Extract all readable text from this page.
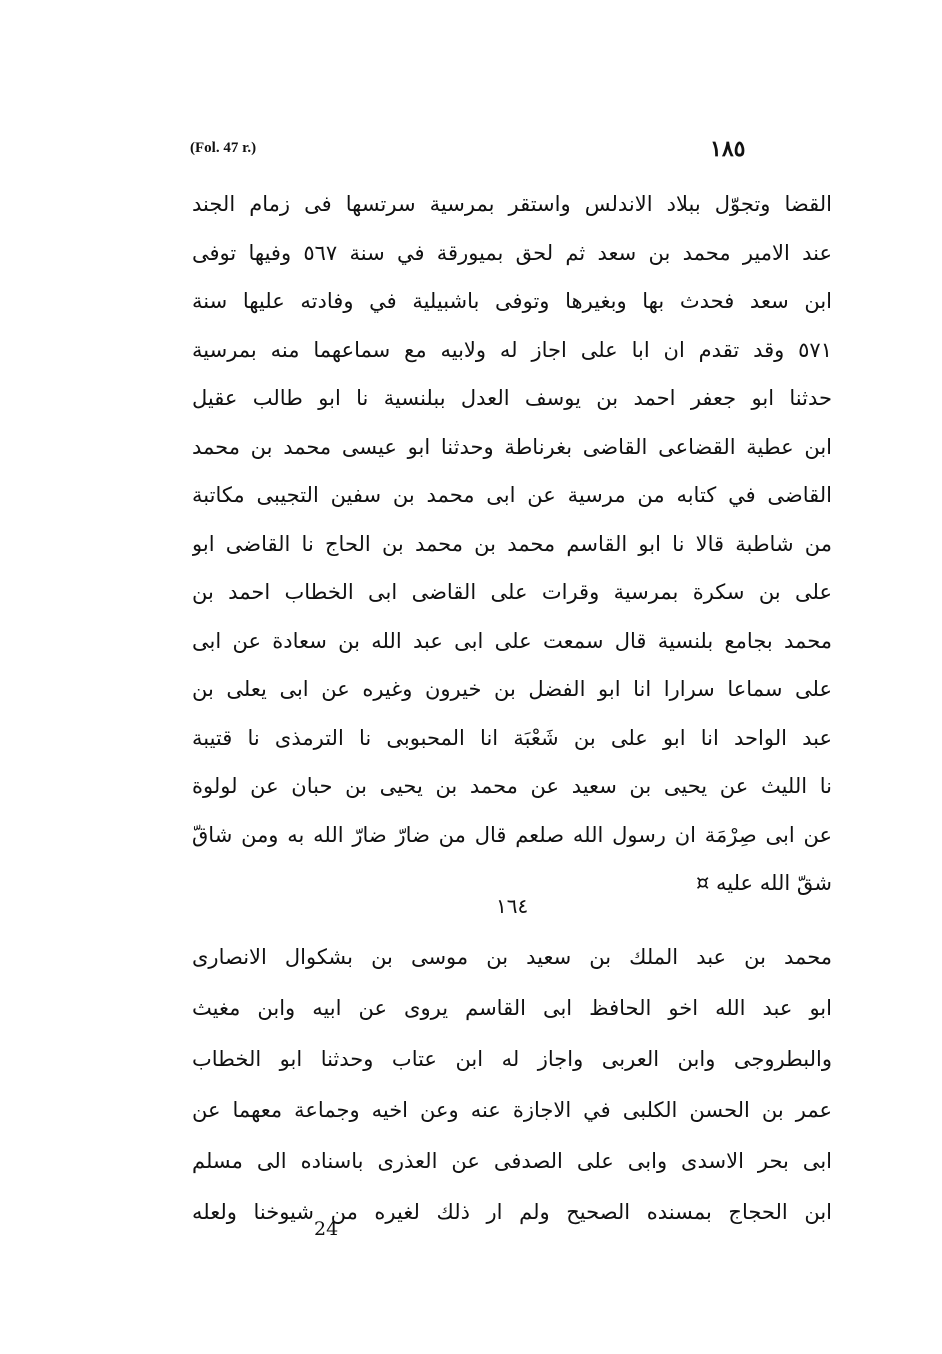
(Fol. 47 r.)	١٨٥
القضا وتجوّل ببلاد الاندلس واستقر بمرسية سرتسها فى زمام الجند
عند الامير محمد بن سعد ثم لحق بميورقة في سنة ٥٦٧ وفيها توفى
ابن سعد فحدث بها وبغيرها وتوفى باشبيلية في وفادته عليها سنة
٥٧١ وقد تقدم ان ابا على اجاز له ولابيه مع سماعهما منه بمرسية
حدثنا ابو جعفر احمد بن يوسف العدل ببلنسية نا ابو طالب عقيل
ابن عطية القضاعى القاضى بغرناطة وحدثنا ابو عيسى محمد بن محمد
القاضى في كتابه من مرسية عن ابى محمد بن سفين التجيبى مكاتبة
من شاطبة قالا نا ابو القاسم محمد بن محمد بن الحاج نا القاضى ابو
على بن سكرة بمرسية وقرات على القاضى ابى الخطاب احمد بن
محمد بجامع بلنسية قال سمعت على ابى عبد الله بن سعادة عن ابى
على سماعا سرارا انا ابو الفضل بن خيرون وغيره عن ابى يعلى بن
عبد الواحد انا ابو على بن شَعْبَة انا المحبوبى نا الترمذى نا قتيبة
نا الليث عن يحيى بن سعيد عن محمد بن يحيى بن حبان عن لولوة
عن ابى صِرْمَة ان رسول الله صلعم قال من ضارّ ضارّ الله به ومن شاقّ
شقّ الله عليه ¤
١٦٤
محمد بن عبد الملك بن سعيد بن موسى بن بشكوال الانصارى
ابو عبد الله اخو الحافظ ابى القاسم يروى عن ابيه وابن مغيث
والبطروجى وابن العربى واجاز له ابن عتاب وحدثنا ابو الخطاب
عمر بن الحسن الكلبى في الاجازة عنه وعن اخيه وجماعة معهما عن
ابى بحر الاسدى وابى على الصدفى عن العذرى باسناده الى مسلم
ابن الحجاج بمسنده الصحيح ولم ار ذلك لغيره من شيوخنا ولعله
24
